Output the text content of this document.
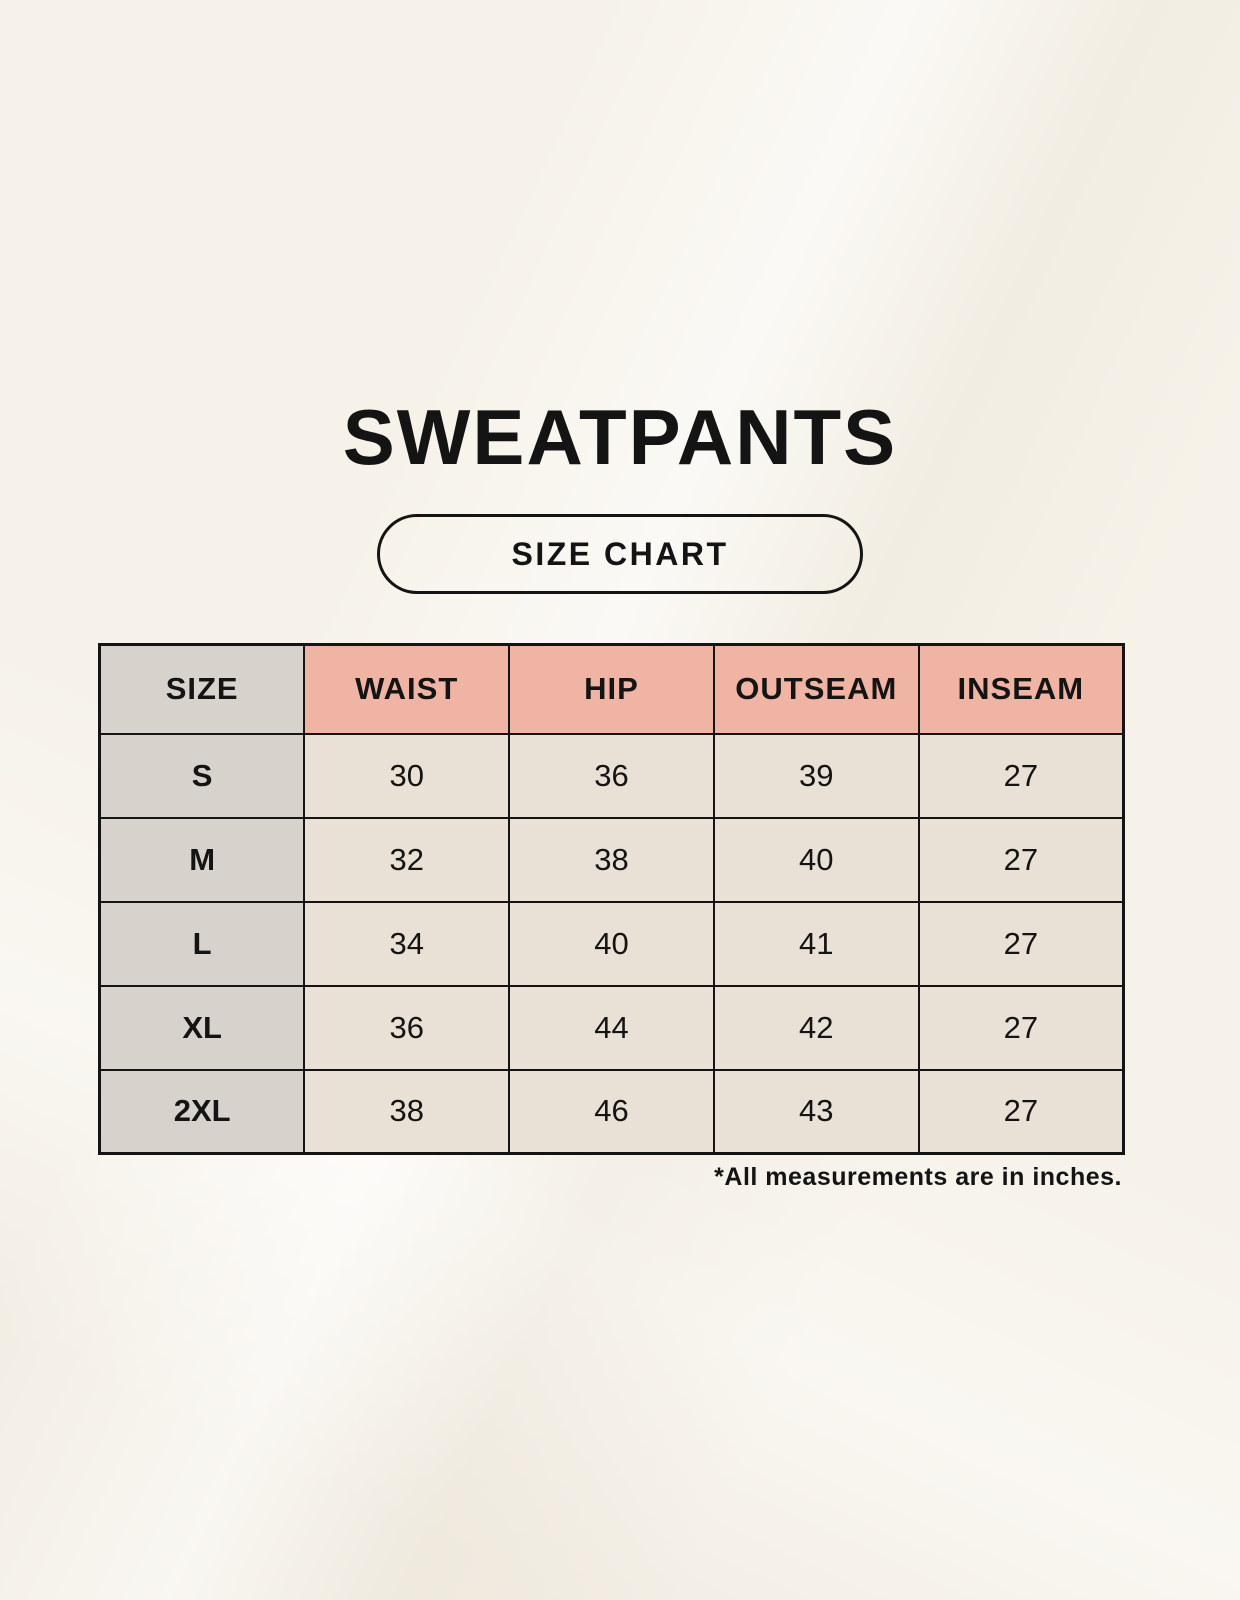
SWEATPANTS
SIZE CHART
SIZE	WAIST	HIP	OUTSEAM	INSEAM
S	30	36	39	27
M	32	38	40	27
L	34	40	41	27
XL	36	44	42	27
2XL	38	46	43	27

*All measurements are in inches.
